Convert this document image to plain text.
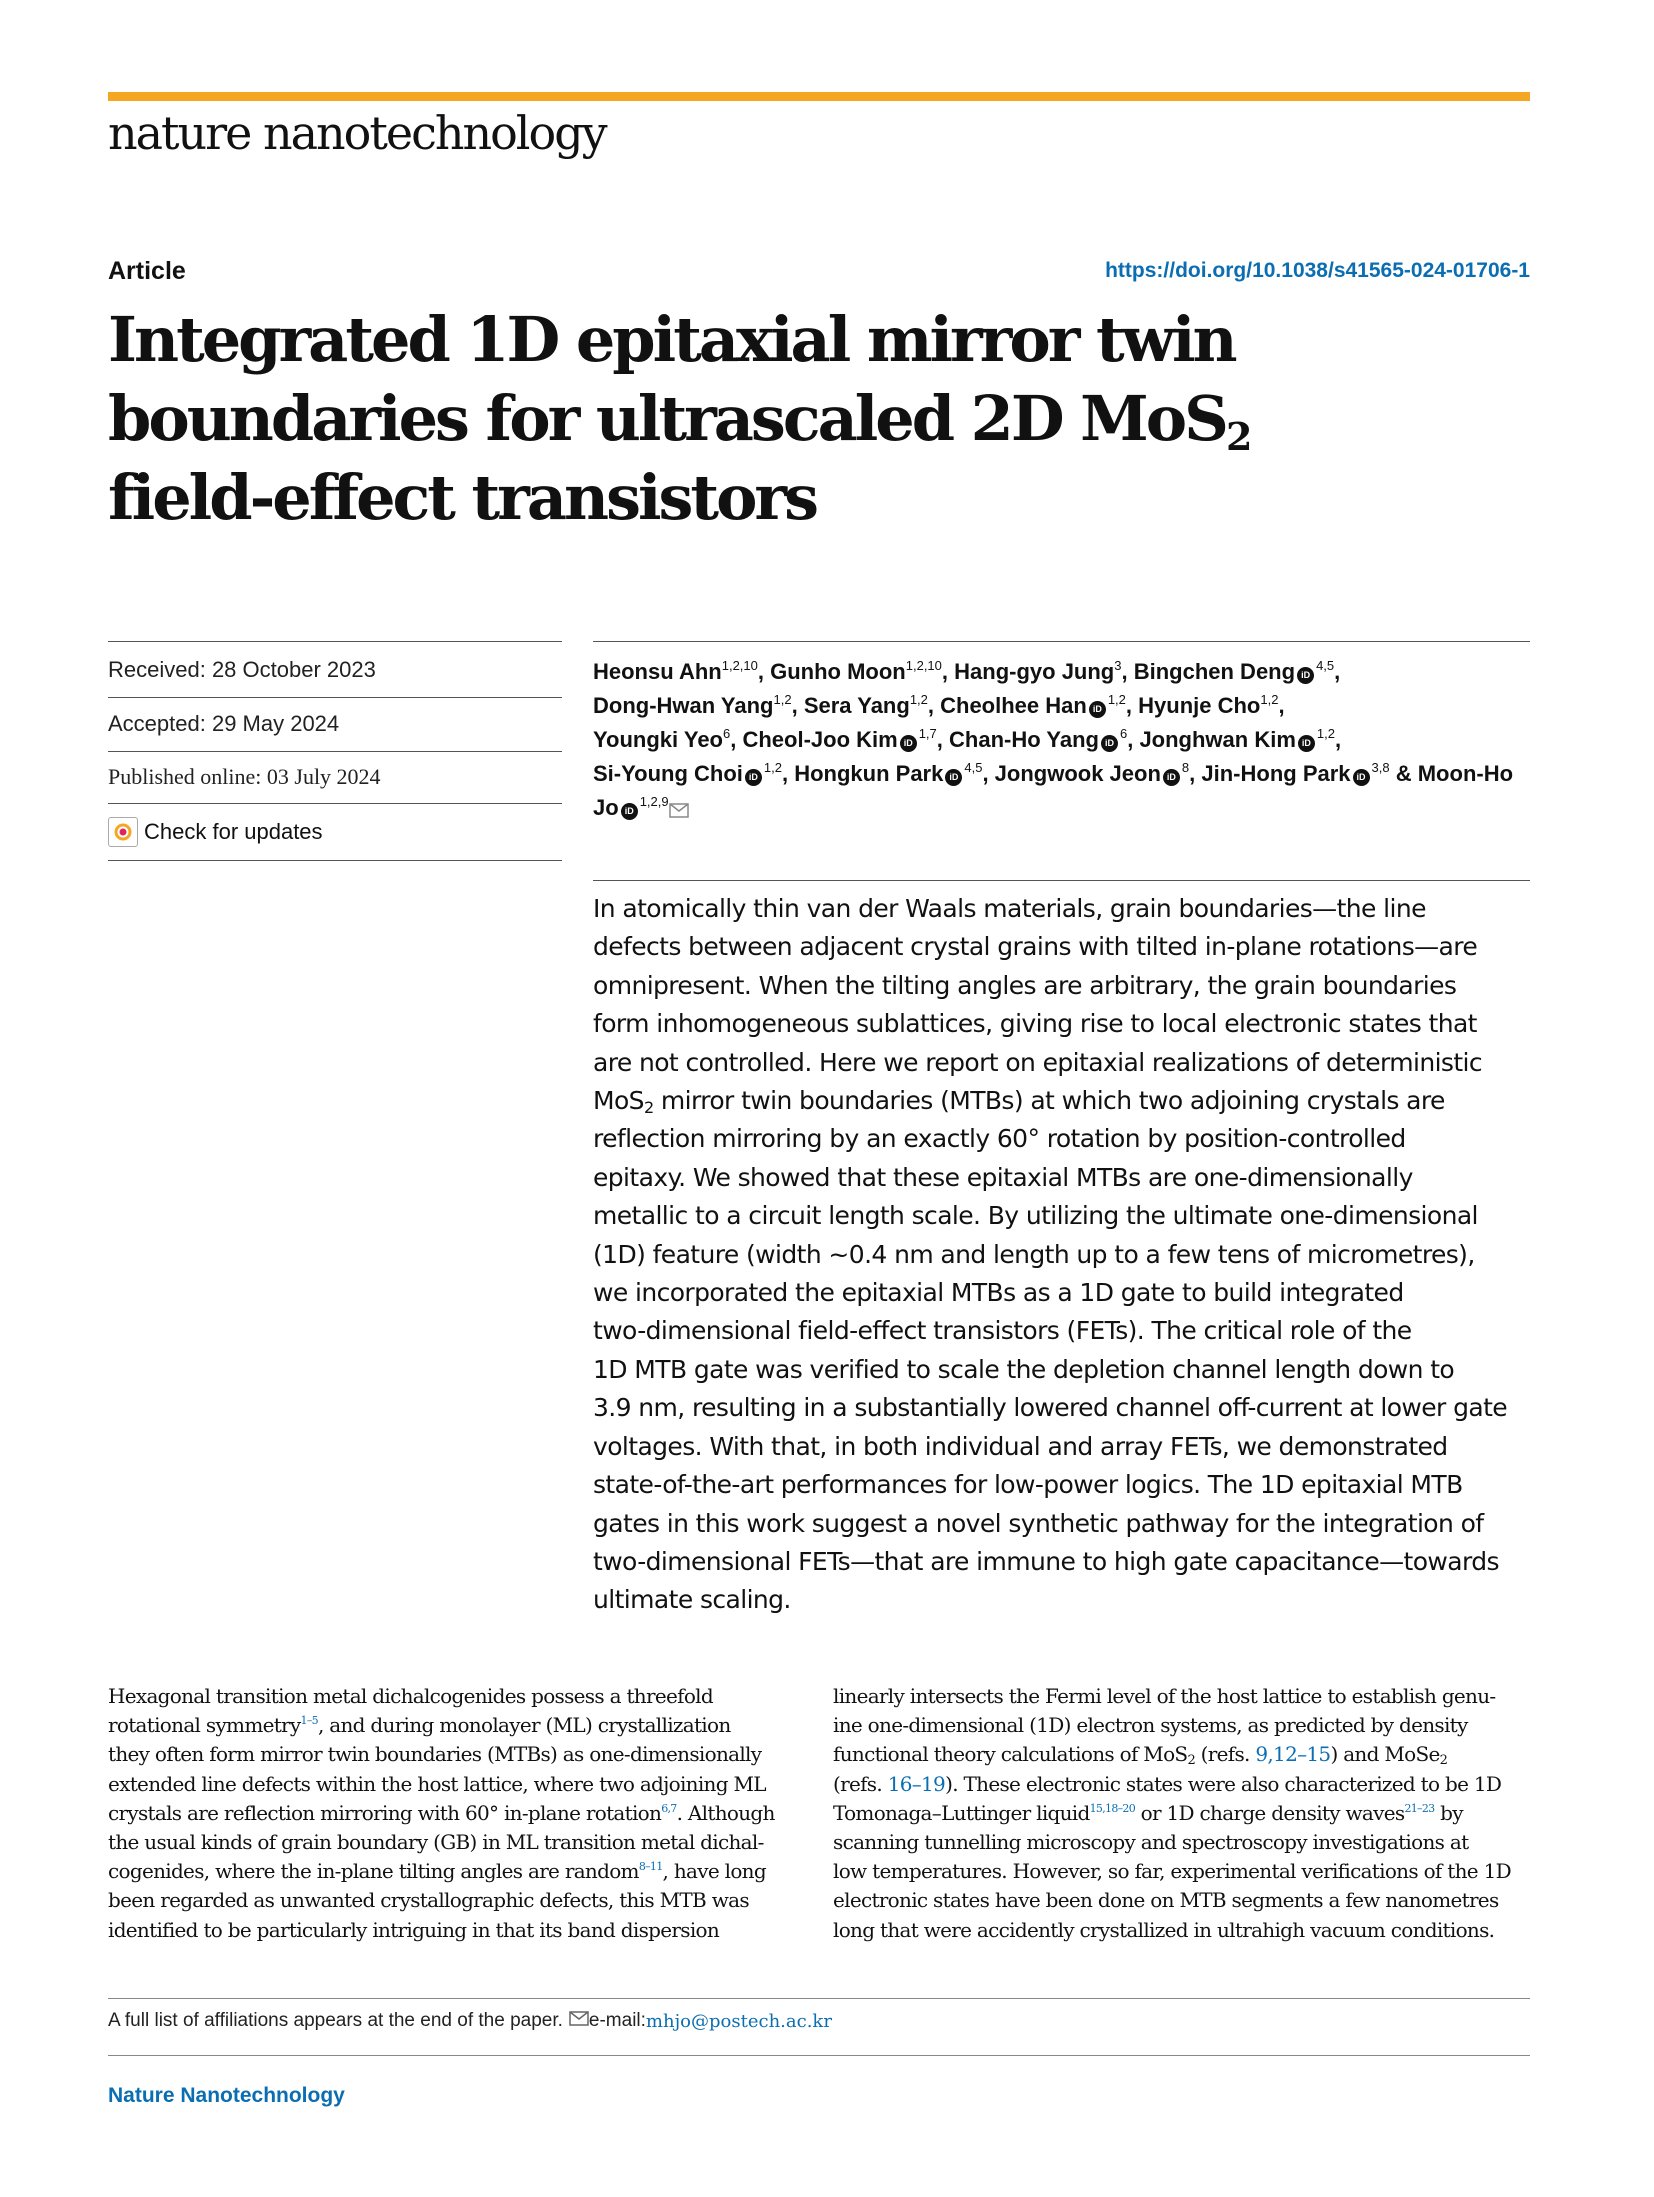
nature nanotechnology
Article	https://doi.org/10.1038/s41565-024-01706-1
Integrated 1D epitaxial mirror twin
boundaries for ultrascaled 2D MoS$_2$
field-effect transistors
Received: 28 October 2023
Accepted: 29 May 2024
Published online: 03 July 2024
Check for updates
Heonsu Ahn$^{1,2,10}$, Gunho Moon$^{1,2,10}$, Hang-gyo Jung$^3$, Bingchen Deng iD$^{4,5}$,
Dong-Hwan Yang$^{1,2}$, Sera Yang$^{1,2}$, Cheolhee Han iD$^{1,2}$, Hyunje Cho$^{1,2}$,
Youngki Yeo$^6$, Cheol-Joo Kim iD$^{1,7}$, Chan-Ho Yang $iD^6$, Jonghwan Kim iD$^{1,2}$,
Si-Young Choi iD$^{1,2}$, Hongkun Park iD$^{4,5}$, Jongwook Jeon $iD^8$, Jin-Hong Park iD$^{3,8}$ & Moon-Ho Jo iD$^{1,2,9}$

In atomically thin van der Waals materials, grain boundaries—the line
defects between adjacent crystal grains with tilted in-plane rotations—are
omnipresent. When the tilting angles are arbitrary, the grain boundaries
form inhomogeneous sublattices, giving rise to local electronic states that
are not controlled. Here we report on epitaxial realizations of deterministic
MoS$_2$ mirror twin boundaries (MTBs) at which two adjoining crystals are
reflection mirroring by an exactly 60° rotation by position-controlled
epitaxy. We showed that these epitaxial MTBs are one-dimensionally
metallic to a circuit length scale. By utilizing the ultimate one-dimensional
(1D) feature (width ~0.4 nm and length up to a few tens of micrometres),
we incorporated the epitaxial MTBs as a 1D gate to build integrated
two-dimensional field-effect transistors (FETs). The critical role of the
1D MTB gate was verified to scale the depletion channel length down to
3.9 nm, resulting in a substantially lowered channel off-current at lower gate
voltages. With that, in both individual and array FETs, we demonstrated
state-of-the-art performances for low-power logics. The 1D epitaxial MTB
gates in this work suggest a novel synthetic pathway for the integration of
two-dimensional FETs—that are immune to high gate capacitance—towards
ultimate scaling.

Hexagonal transition metal dichalcogenides possess a threefold
rotational symmetry$^{1-5}$, and during monolayer (ML) crystallization
they often form mirror twin boundaries (MTBs) as one-dimensionally
extended line defects within the host lattice, where two adjoining ML
crystals are reflection mirroring with 60° in-plane rotation$^{6,7}$. Although
the usual kinds of grain boundary (GB) in ML transition metal dichal-
cogenides, where the in-plane tilting angles are random$^{8-11}$, have long
been regarded as unwanted crystallographic defects, this MTB was
identified to be particularly intriguing in that its band dispersion

linearly intersects the Fermi level of the host lattice to establish genu-
ine one-dimensional (1D) electron systems, as predicted by density
functional theory calculations of MoS$_2$ (refs. 9,12–15) and MoSe$_2$
(refs. 16–19). These electronic states were also characterized to be 1D
Tomonaga–Luttinger liquid$^{15,18-20}$ or 1D charge density waves$^{21-23}$ by
scanning tunnelling microscopy and spectroscopy investigations at
low temperatures. However, so far, experimental verifications of the 1D
electronic states have been done on MTB segments a few nanometres
long that were accidently crystallized in ultrahigh vacuum conditions.

A full list of affiliations appears at the end of the paper. e-mail: mhjo@postech.ac.kr
Nature Nanotechnology
